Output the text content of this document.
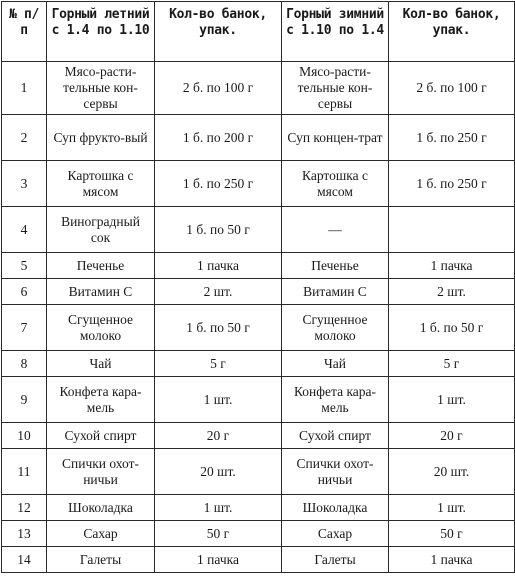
№ п/п	Горный летний с 1.4 по 1.10	Кол-во банок, упак.	Горный зимний с 1.10 по 1.4	Кол-во банок, упак.
1	Мясо-расти-тельные кон-сервы	2 б. по 100 г	Мясо-расти-тельные кон-сервы	2 б. по 100 г
2	Суп фрукто-вый	1 б. по 200 г	Суп концен-трат	1 б. по 250 г
3	Картошка с мясом	1 б. по 250 г	Картошка с мясом	1 б. по 250 г
4	Виноградный сок	1 б. по 50 г	—	
5	Печенье	1 пачка	Печенье	1 пачка
6	Витамин С	2 шт.	Витамин С	2 шт.
7	Сгущенное молоко	1 б. по 50 г	Сгущенное молоко	1 б. по 50 г
8	Чай	5 г	Чай	5 г
9	Конфета кара-мель	1 шт.	Конфета кара-мель	1 шт.
10	Сухой спирт	20 г	Сухой спирт	20 г
11	Спички охот-ничьи	20 шт.	Спички охот-ничьи	20 шт.
12	Шоколадка	1 шт.	Шоколадка	1 шт.
13	Сахар	50 г	Сахар	50 г
14	Галеты	1 пачка	Галеты	1 пачка
